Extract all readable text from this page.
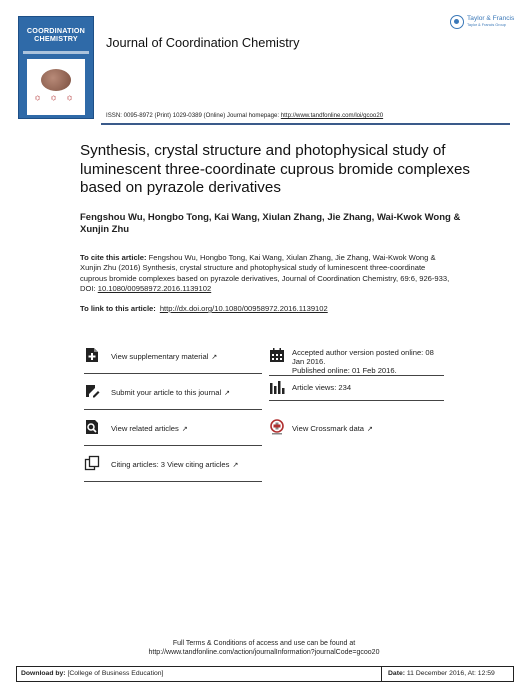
COORDINATION CHEMISTRY
⌬ ⌬ ⌬
Journal of Coordination Chemistry
Taylor & Francis
Taylor & Francis Group
ISSN: 0095-8972 (Print) 1029-0389 (Online) Journal homepage: http://www.tandfonline.com/loi/gcoo20
Synthesis, crystal structure and photophysical study of luminescent three-coordinate cuprous bromide complexes based on pyrazole derivatives
Fengshou Wu, Hongbo Tong, Kai Wang, Xiulan Zhang, Jie Zhang, Wai-Kwok Wong & Xunjin Zhu
To cite this article: Fengshou Wu, Hongbo Tong, Kai Wang, Xiulan Zhang, Jie Zhang, Wai-Kwok Wong & Xunjin Zhu (2016) Synthesis, crystal structure and photophysical study of luminescent three-coordinate cuprous bromide complexes based on pyrazole derivatives, Journal of Coordination Chemistry, 69:6, 926-933, DOI: 10.1080/00958972.2016.1139102
To link to this article: http://dx.doi.org/10.1080/00958972.2016.1139102
View supplementary material ↗
Submit your article to this journal ↗
View related articles ↗
Citing articles: 3 View citing articles ↗
Accepted author version posted online: 08
Jan 2016.
Published online: 01 Feb 2016.
Article views: 234
View Crossmark data ↗
Full Terms & Conditions of access and use can be found at
http://www.tandfonline.com/action/journalInformation?journalCode=gcoo20
Download by: [College of Business Education]	Date: 11 December 2016, At: 12:59
